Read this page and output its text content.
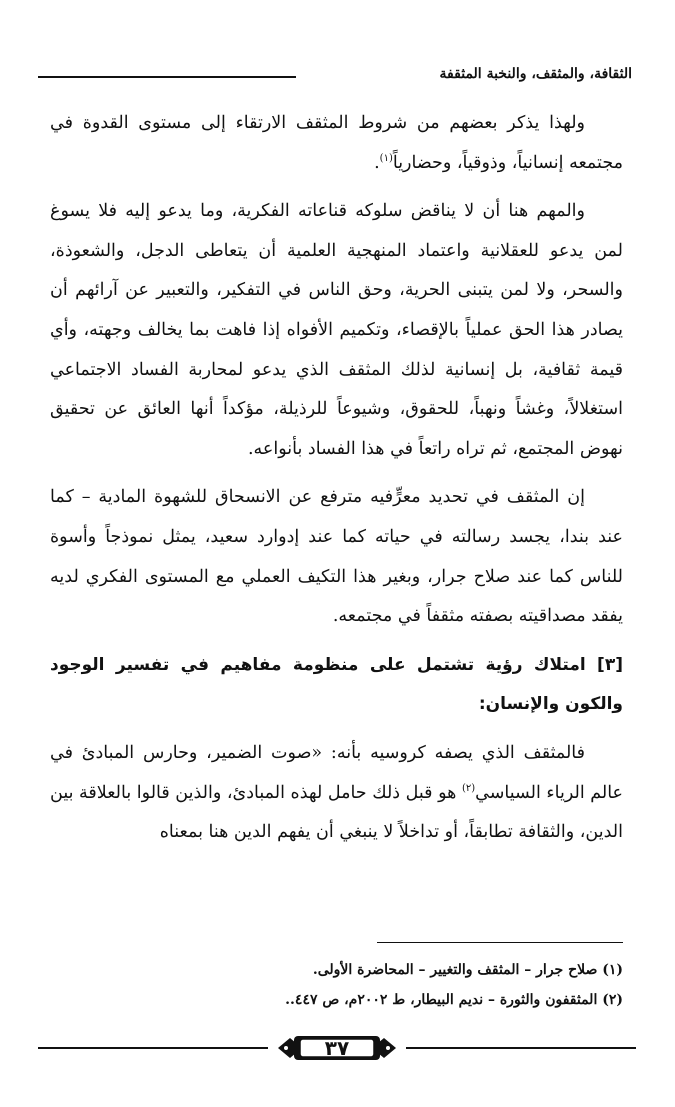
الثقافة، والمثقف، والنخبة المثقفة

ولهذا يذكر بعضهم من شروط المثقف الارتقاء إلى مستوى القدوة في مجتمعه إنسانياً، وذوقياً، وحضارياً$^{(١)}$.

والمهم هنا أن لا يناقض سلوكه قناعاته الفكرية، وما يدعو إليه فلا يسوغ لمن يدعو للعقلانية واعتماد المنهجية العلمية أن يتعاطى الدجل، والشعوذة، والسحر، ولا لمن يتبنى الحرية، وحق الناس في التفكير، والتعبير عن آرائهم أن يصادر هذا الحق عملياً بالإقصاء، وتكميم الأفواه إذا فاهت بما يخالف وجهته، وأي قيمة ثقافية، بل إنسانية لذلك المثقف الذي يدعو لمحاربة الفساد الاجتماعي استغلالاً، وغشاً ونهباً، للحقوق، وشيوعاً للرذيلة، مؤكداً أنها العائق عن تحقيق نهوض المجتمع، ثم تراه راتعاً في هذا الفساد بأنواعه.

إن المثقف في تحديد معرٍّفيه مترفع عن الانسحاق للشهوة المادية – كما عند بندا، يجسد رسالته في حياته كما عند إدوارد سعيد، يمثل نموذجاً وأسوة للناس كما عند صلاح جرار، وبغير هذا التكيف العملي مع المستوى الفكري لديه يفقد مصداقيته بصفته مثقفاً في مجتمعه.

[٣] امتلاك رؤية تشتمل على منظومة مفاهيم في تفسير الوجود والكون والإنسان:

فالمثقف الذي يصفه كروسيه بأنه: «صوت الضمير، وحارس المبادئ في عالم الرياء السياسي$^{(٢)}$ هو قبل ذلك حامل لهذه المبادئ، والذين قالوا بالعلاقة بين الدين، والثقافة تطابقاً، أو تداخلاً لا ينبغي أن يفهم الدين هنا بمعناه

(١) صلاح جرار – المثقف والتغيير – المحاضرة الأولى.
(٢) المثقفون والثورة – نديم البيطار، ط ٢٠٠٢م، ص ٤٤٧..
٣٧
